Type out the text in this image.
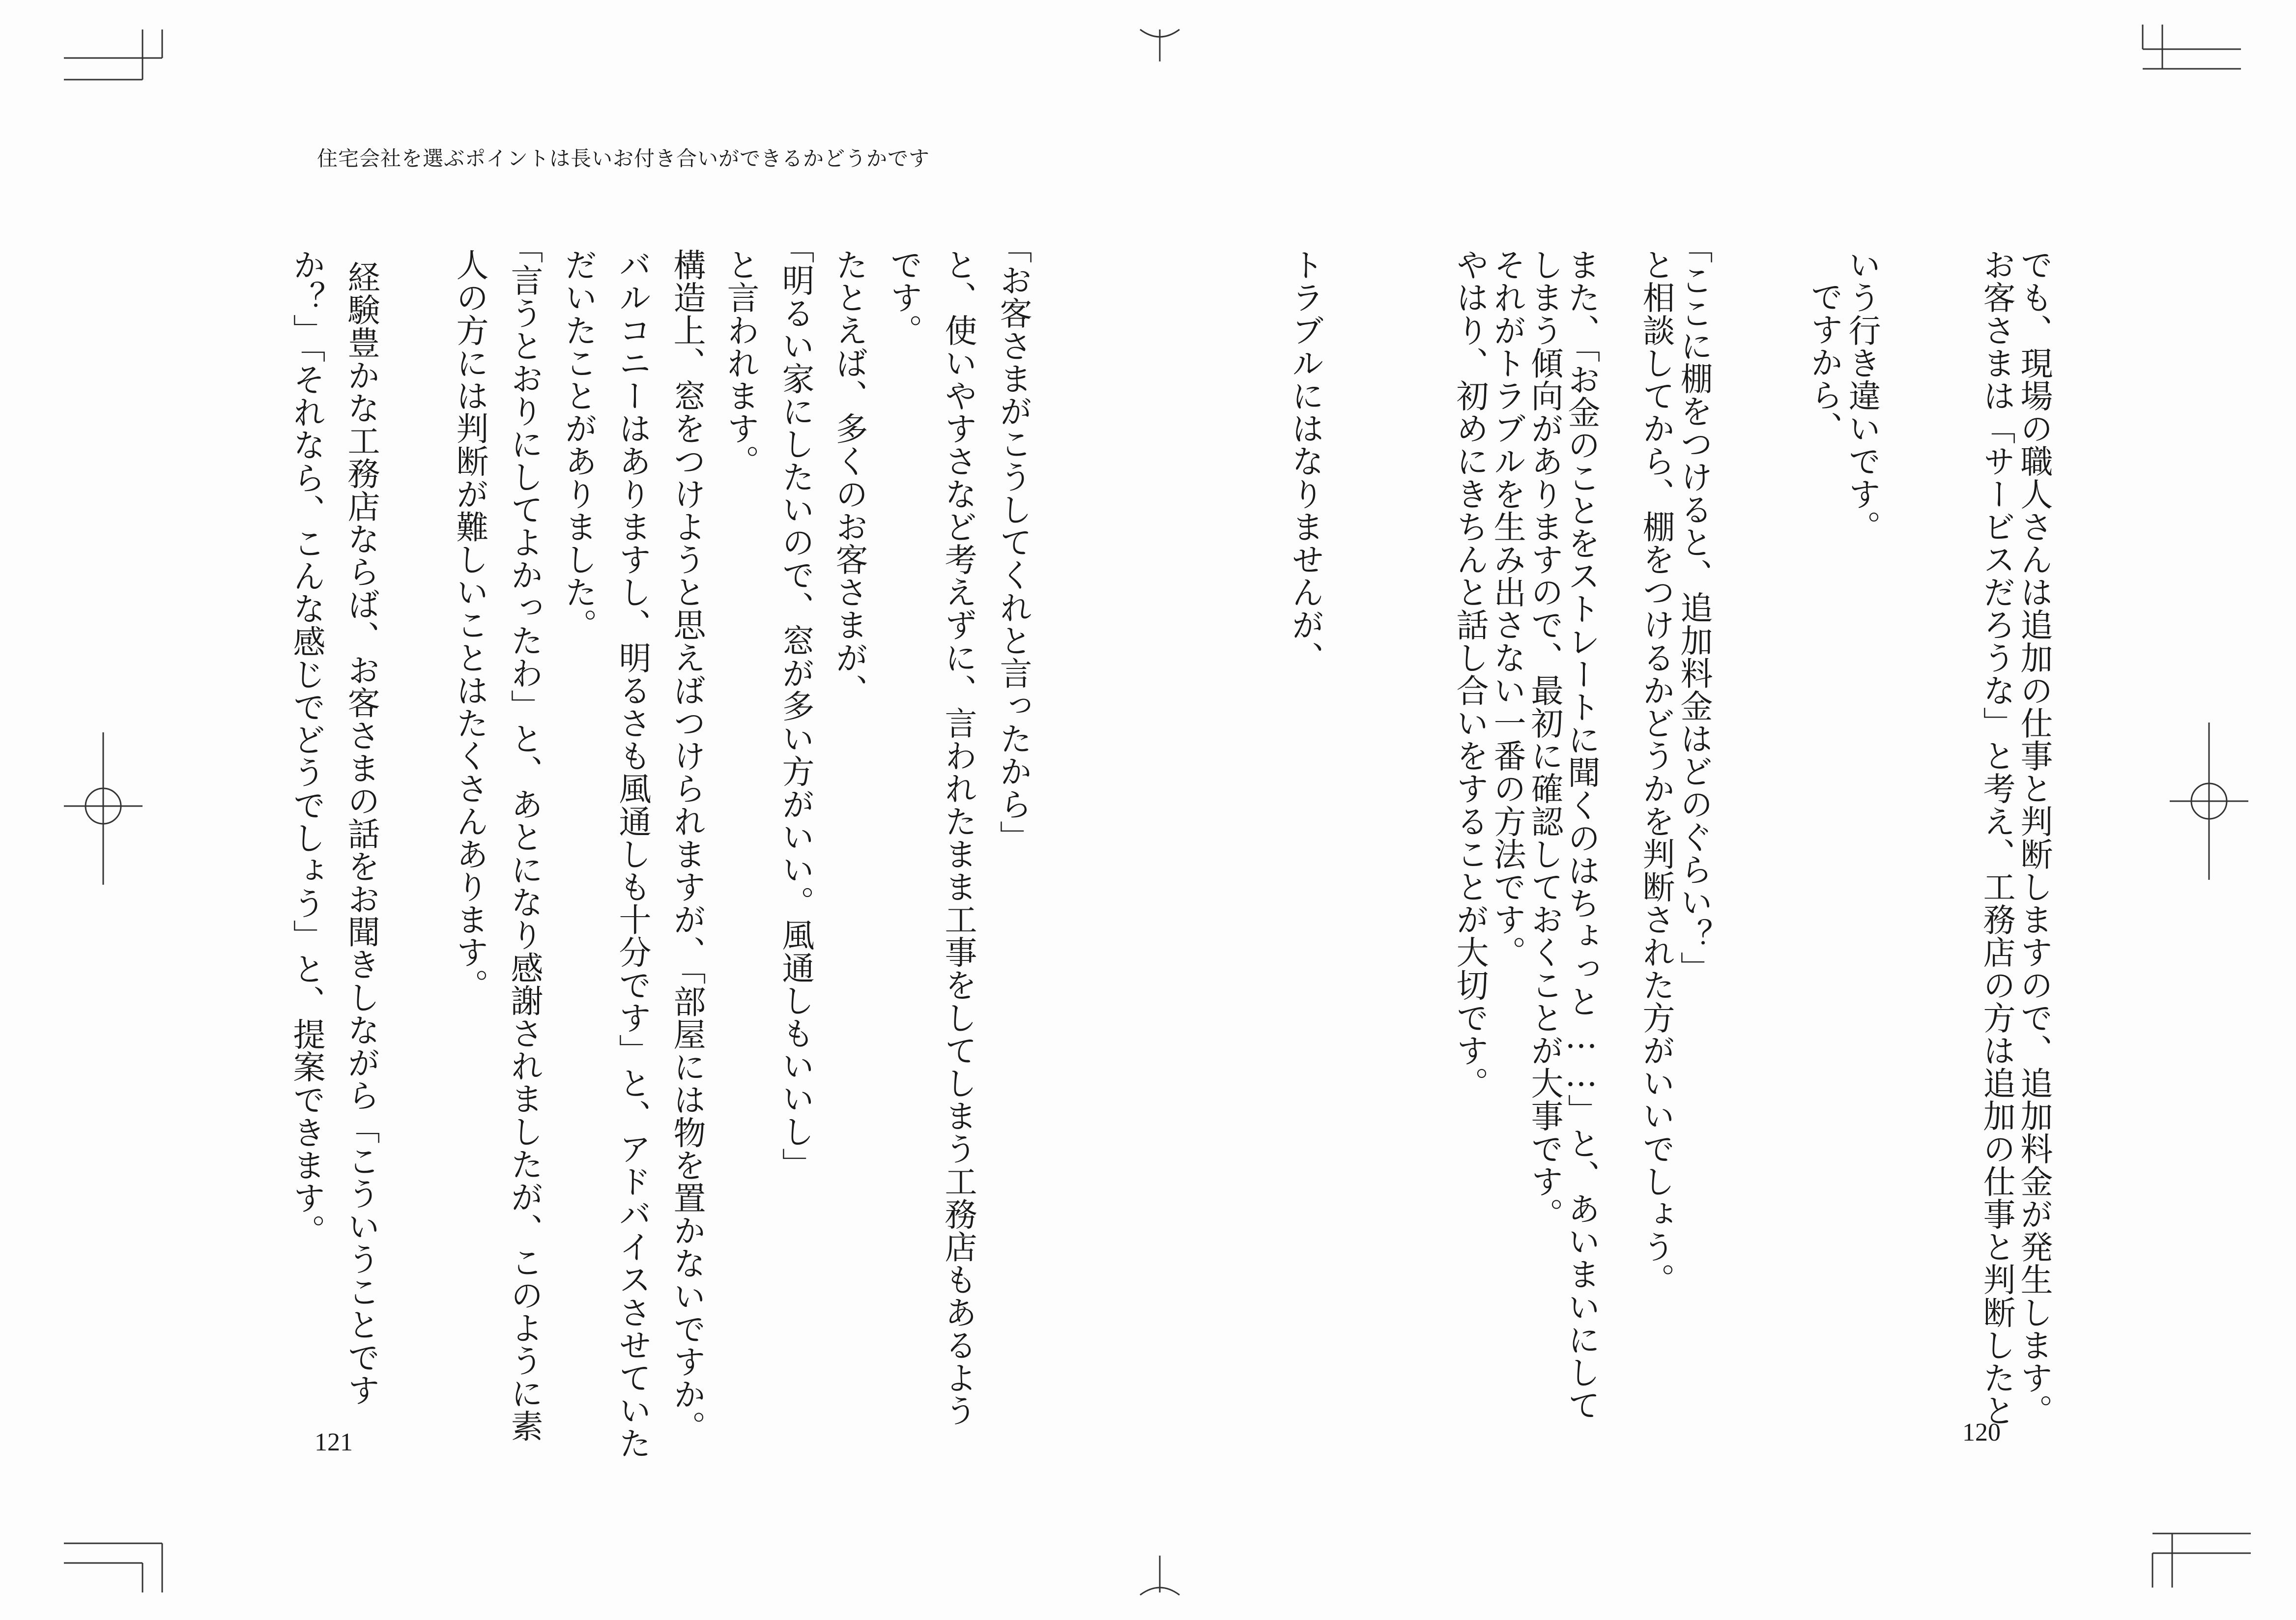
住宅会社を選ぶポイントは長いお付き合いができるかどうかです
でも、現場の職人さんは追加の仕事と判断しますので、追加料金が発生します。
お客さまは「サービスだろうな」と考え、工務店の方は追加の仕事と判断したと
いう行き違いです。
ですから、
「ここに棚をつけると、追加料金はどのぐらい？」
と相談してから、棚をつけるかどうかを判断された方がいいでしょう。
また、「お金のことをストレートに聞くのはちょっと……」と、あいまいにして
しまう傾向がありますので、最初に確認しておくことが大事です。
それがトラブルを生み出さない一番の方法です。
やはり、初めにきちんと話し合いをすることが大切です。
トラブルにはなりませんが、
「お客さまがこうしてくれと言ったから」
と、使いやすさなど考えずに、言われたまま工事をしてしまう工務店もあるよう
です。
たとえば、多くのお客さまが、
「明るい家にしたいので、窓が多い方がいい。風通しもいいし」
と言われます。
構造上、窓をつけようと思えばつけられますが、「部屋には物を置かないですか。
バルコニーはありますし、明るさも風通しも十分です」と、アドバイスさせていた
だいたことがありました。
「言うとおりにしてよかったわ」と、あとになり感謝されましたが、このように素
人の方には判断が難しいことはたくさんあります。
経験豊かな工務店ならば、お客さまの話をお聞きしながら「こういうことです
か？」「それなら、こんな感じでどうでしょう」と、提案できます。
121	120
